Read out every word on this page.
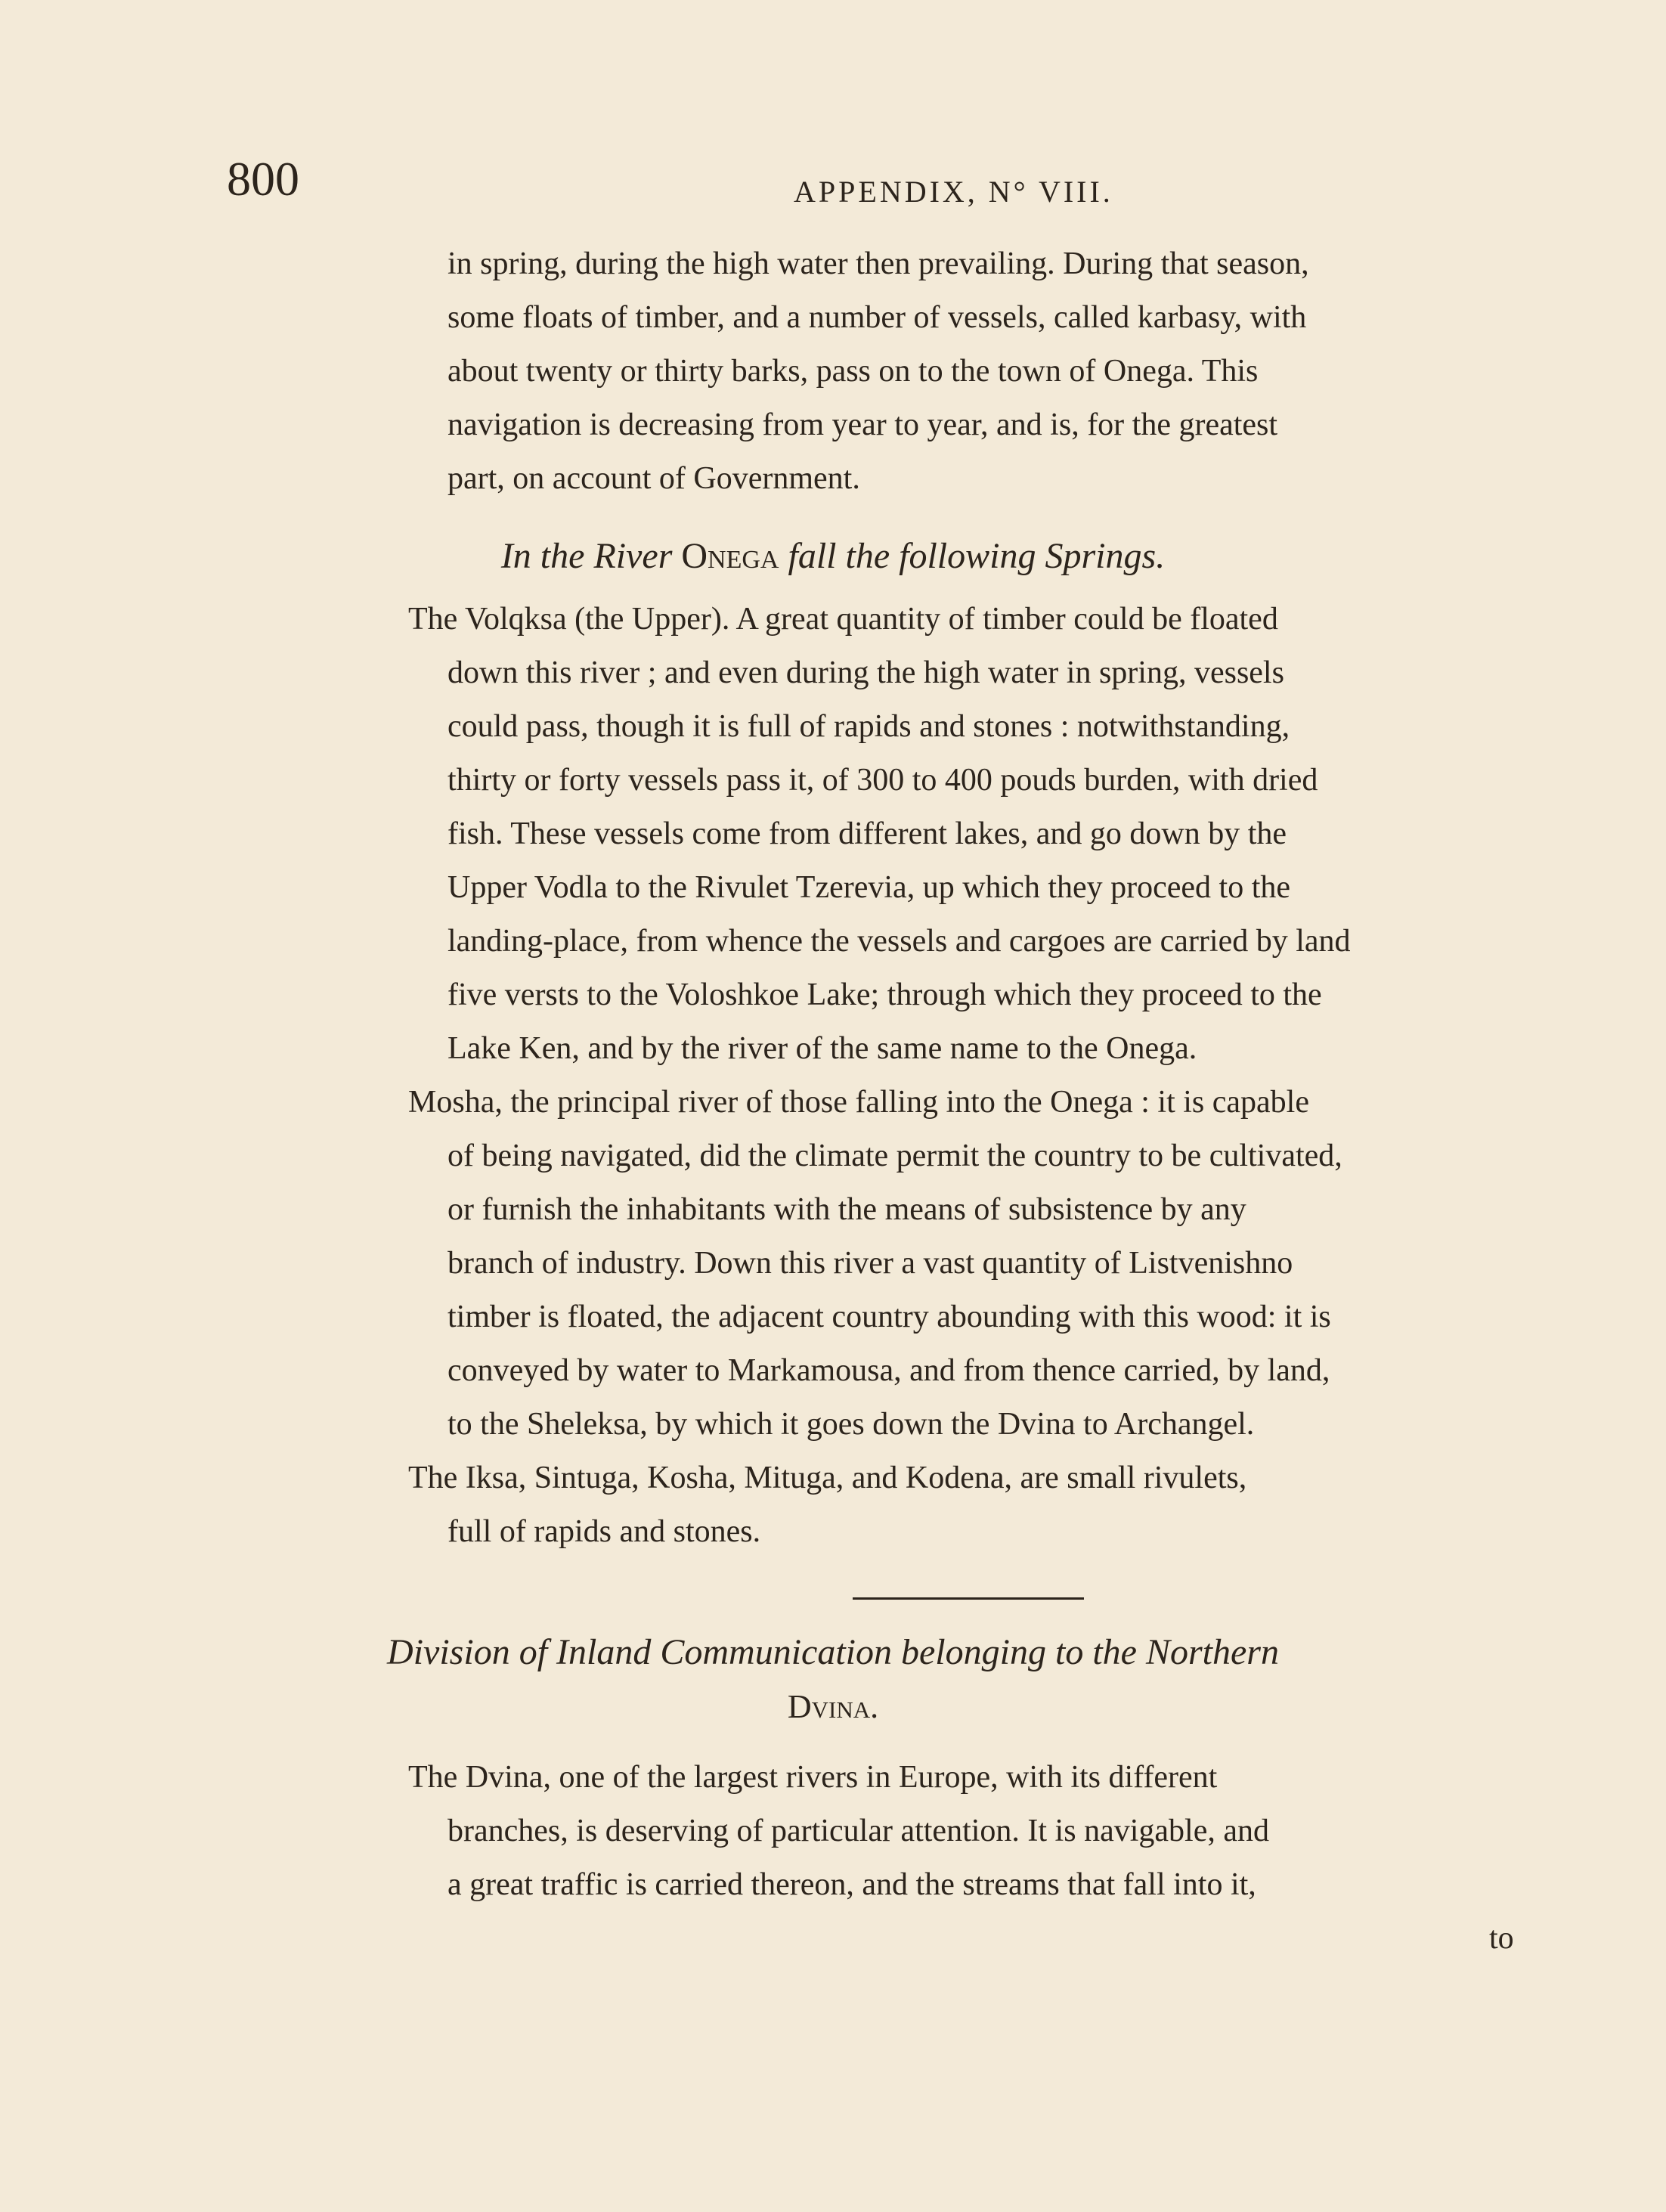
800	APPENDIX, N° VIII.
in spring, during the high water then prevailing. During that season,
some floats of timber, and a number of vessels, called karbasy, with
about twenty or thirty barks, pass on to the town of Onega. This
navigation is decreasing from year to year, and is, for the greatest
part, on account of Government.
In the River Onega fall the following Springs.
The Volqksa (the Upper). A great quantity of timber could be floated
down this river ; and even during the high water in spring, vessels
could pass, though it is full of rapids and stones : notwithstanding,
thirty or forty vessels pass it, of 300 to 400 pouds burden, with dried
fish. These vessels come from different lakes, and go down by the
Upper Vodla to the Rivulet Tzerevia, up which they proceed to the
landing-place, from whence the vessels and cargoes are carried by land
five versts to the Voloshkoe Lake; through which they proceed to the
Lake Ken, and by the river of the same name to the Onega.
Mosha, the principal river of those falling into the Onega : it is capable
of being navigated, did the climate permit the country to be cultivated,
or furnish the inhabitants with the means of subsistence by any
branch of industry. Down this river a vast quantity of Listvenishno
timber is floated, the adjacent country abounding with this wood: it is
conveyed by water to Markamousa, and from thence carried, by land,
to the Sheleksa, by which it goes down the Dvina to Archangel.
The Iksa, Sintuga, Kosha, Mituga, and Kodena, are small rivulets,
full of rapids and stones.
Division of Inland Communication belonging to the Northern
Dvina.
The Dvina, one of the largest rivers in Europe, with its different
branches, is deserving of particular attention. It is navigable, and
a great traffic is carried thereon, and the streams that fall into it,
to
